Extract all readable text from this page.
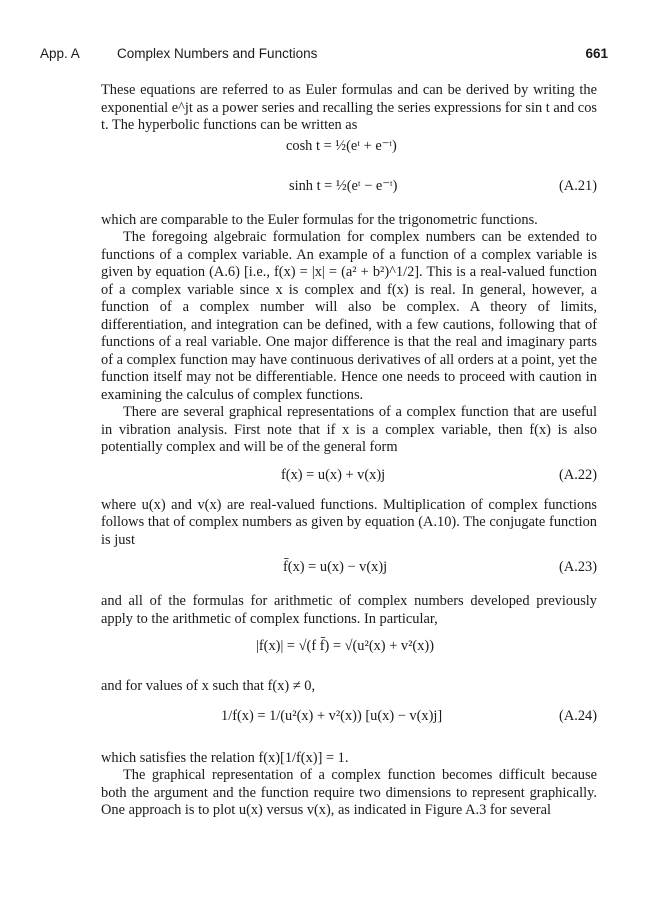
App. A	Complex Numbers and Functions	661

These equations are referred to as Euler formulas and can be derived by writing the exponential e^jt as a power series and recalling the series expressions for sin t and cos t. The hyperbolic functions can be written as

cosh t = ½(eᵗ + e⁻ᵗ)
sinh t = ½(eᵗ − e⁻ᵗ)	(A.21)

which are comparable to the Euler formulas for the trigonometric functions.

The foregoing algebraic formulation for complex numbers can be extended to functions of a complex variable. An example of a function of a complex variable is given by equation (A.6) [i.e., f(x) = |x| = (a² + b²)^1/2]. This is a real-valued function of a complex variable since x is complex and f(x) is real. In general, however, a function of a complex number will also be complex. A theory of limits, differentiation, and integration can be defined, with a few cautions, following that of functions of a real variable. One major difference is that the real and imaginary parts of a complex function may have continuous derivatives of all orders at a point, yet the function itself may not be differentiable. Hence one needs to proceed with caution in examining the calculus of complex functions.

There are several graphical representations of a complex function that are useful in vibration analysis. First note that if x is a complex variable, then f(x) is also potentially complex and will be of the general form

f(x) = u(x) + v(x)j	(A.22)

where u(x) and v(x) are real-valued functions. Multiplication of complex functions follows that of complex numbers as given by equation (A.10). The conjugate function is just

f̄(x) = u(x) − v(x)j	(A.23)

and all of the formulas for arithmetic of complex numbers developed previously apply to the arithmetic of complex functions. In particular,

|f(x)| = √(f f̄) = √(u²(x) + v²(x))

and for values of x such that f(x) ≠ 0,

1/f(x) = 1/(u²(x) + v²(x)) [u(x) − v(x)j]	(A.24)

which satisfies the relation f(x)[1/f(x)] = 1.

The graphical representation of a complex function becomes difficult because both the argument and the function require two dimensions to represent graphically. One approach is to plot u(x) versus v(x), as indicated in Figure A.3 for several
